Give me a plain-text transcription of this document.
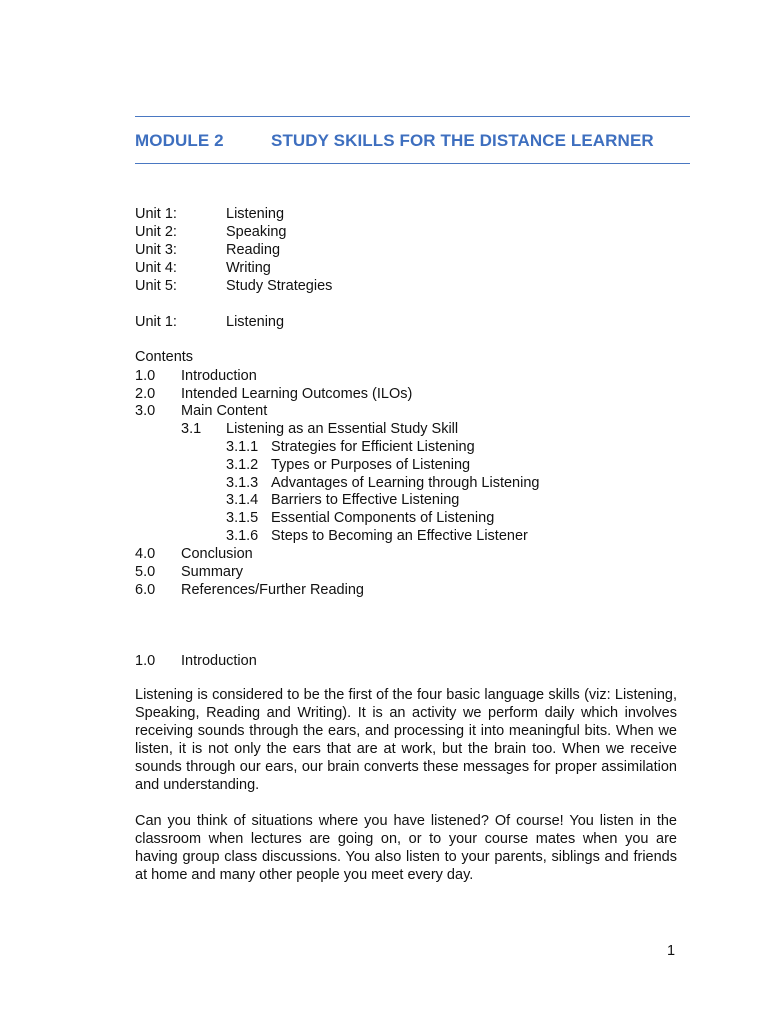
MODULE 2	STUDY SKILLS FOR THE DISTANCE LEARNER
Unit 1:	Listening
Unit 2:	Speaking
Unit 3:	Reading
Unit 4:	Writing
Unit 5:	Study Strategies
Unit 1:	Listening
Contents
1.0 Introduction
2.0 Intended Learning Outcomes (ILOs)
3.0 Main Content
3.1 Listening as an Essential Study Skill
3.1.1 Strategies for Efficient Listening
3.1.2 Types or Purposes of Listening
3.1.3 Advantages of Learning through Listening
3.1.4 Barriers to Effective Listening
3.1.5 Essential Components of Listening
3.1.6 Steps to Becoming an Effective Listener
4.0 Conclusion
5.0 Summary
6.0 References/Further Reading
1.0 Introduction

Listening is considered to be the first of the four basic language skills (viz: Listening, Speaking, Reading and Writing). It is an activity we perform daily which involves receiving sounds through the ears, and processing it into meaningful bits. When we listen, it is not only the ears that are at work, but the brain too. When we receive sounds through our ears, our brain converts these messages for proper assimilation and understanding.

Can you think of situations where you have listened? Of course! You listen in the classroom when lectures are going on, or to your course mates when you are having group class discussions. You also listen to your parents, siblings and friends at home and many other people you meet every day.

1
